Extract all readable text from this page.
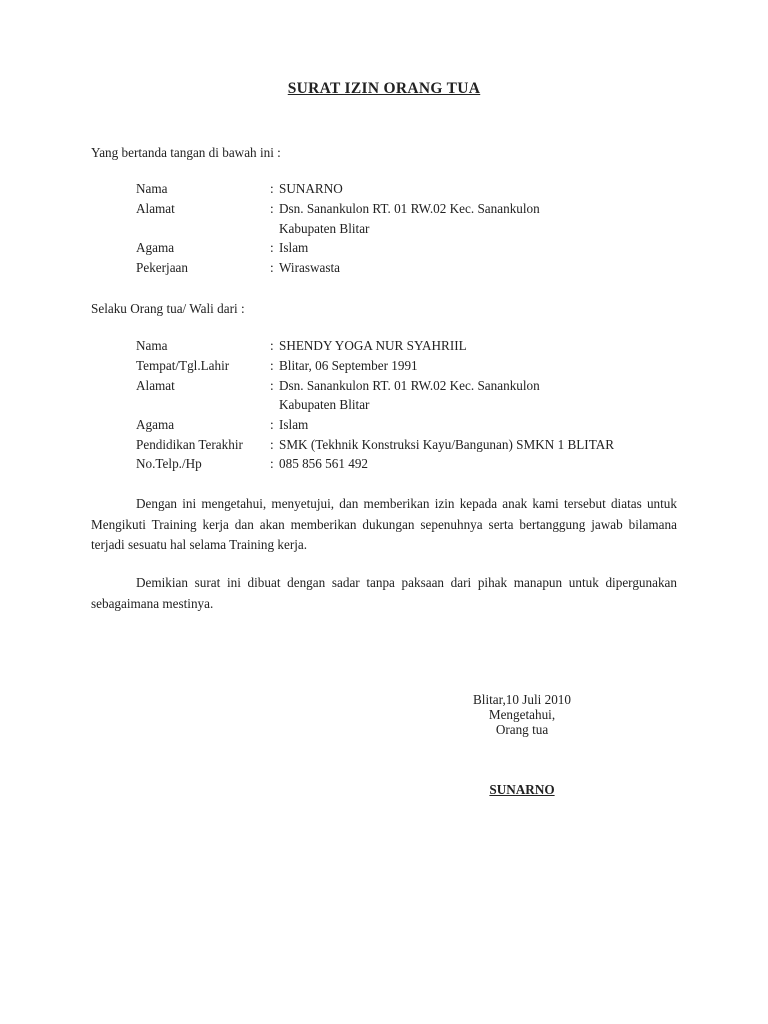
SURAT IZIN ORANG TUA
Yang bertanda tangan di bawah ini :
Nama	: SUNARNO
Alamat	: Dsn. Sanankulon RT. 01 RW.02 Kec. Sanankulon
Kabupaten Blitar
Agama	: Islam
Pekerjaan	: Wiraswasta
Selaku Orang tua/ Wali dari :
Nama	: SHENDY YOGA NUR SYAHRIIL
Tempat/Tgl.Lahir	: Blitar, 06 September 1991
Alamat	: Dsn. Sanankulon RT. 01 RW.02 Kec. Sanankulon
Kabupaten Blitar
Agama	: Islam
Pendidikan Terakhir : SMK (Tekhnik Konstruksi Kayu/Bangunan) SMKN 1 BLITAR
No.Telp./Hp	: 085 856 561 492
Dengan ini mengetahui, menyetujui, dan memberikan izin kepada anak kami tersebut diatas untuk Mengikuti Training kerja dan akan memberikan dukungan sepenuhnya serta bertanggung jawab bilamana terjadi sesuatu hal selama Training kerja.
Demikian surat ini dibuat dengan sadar tanpa paksaan dari pihak manapun untuk dipergunakan sebagaimana mestinya.
Blitar,10 Juli 2010
Mengetahui,
Orang tua
SUNARNO
